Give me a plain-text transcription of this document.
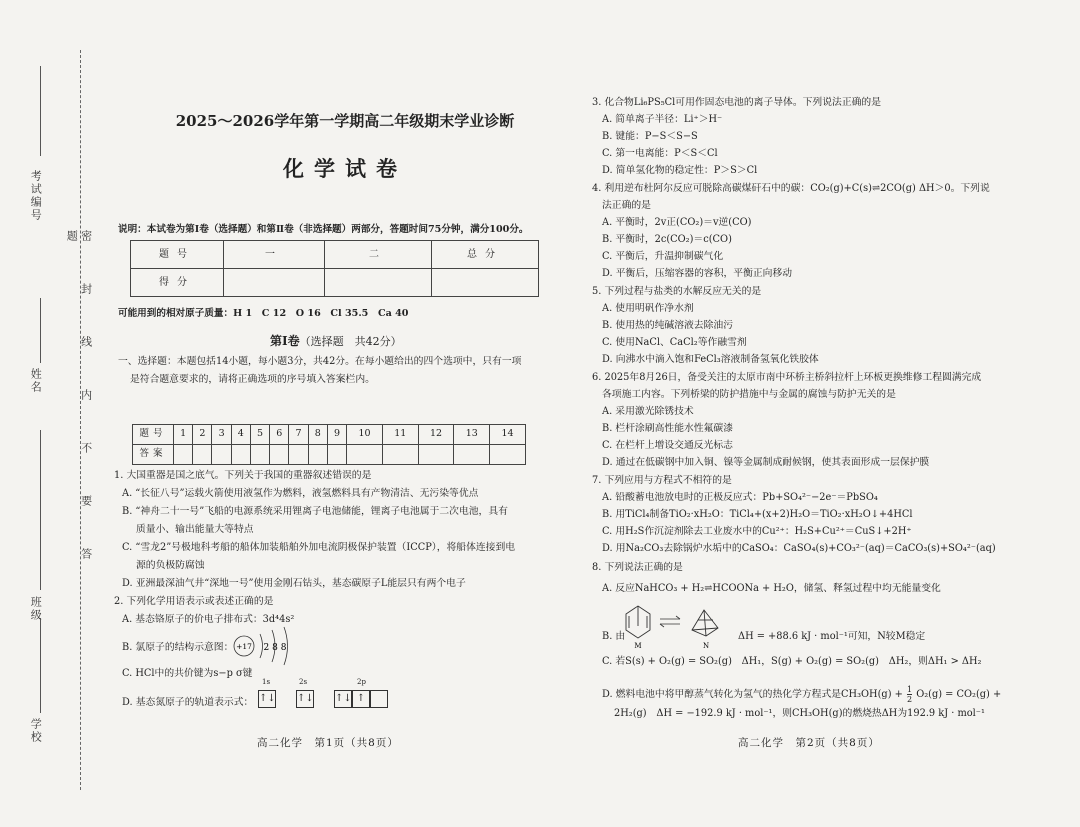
考试编号
姓名
班级
学校
密封线内不要答题
2025～2026学年第一学期高二年级期末学业诊断
化学试卷
说明：本试卷为第Ⅰ卷（选择题）和第Ⅱ卷（非选择题）两部分，答题时间75分钟，满分100分。
题号	一	二	总分
得分			
可能用到的相对原子质量：H 1　C 12　O 16　Cl 35.5　Ca 40
第Ⅰ卷（选择题　共42分）
一、选择题：本题包括14小题，每小题3分，共42分。在每小题给出的四个选项中，只有一项
是符合题意要求的，请将正确选项的序号填入答案栏内。
题号	1	2	3	4	5	6	7	8	9	10	11	12	13	14
答案														
1. 大国重器是国之底气。下列关于我国的重器叙述错误的是
A. “长征八号”运载火箭使用液氢作为燃料，液氢燃料具有产物清洁、无污染等优点
B. “神舟二十一号”飞船的电源系统采用锂离子电池储能，锂离子电池属于二次电池，具有
质量小、输出能量大等特点
C. “雪龙2”号极地科考船的船体加装船舶外加电流阴极保护装置（ICCP），将船体连接到电
源的负极防腐蚀
D. 亚洲最深油气井“深地一号”使用金刚石钻头，基态碳原子L能层只有两个电子
2. 下列化学用语表示或表述正确的是
A. 基态铬原子的价电子排布式：3d⁴4s²
B. 氯原子的结构示意图： +17 2 8 8
C. HCl中的共价键为s−p σ键
D. 基态氮原子的轨道表示式：
1s	2s	2p
↑↓ ↑↓ ↑↓ ↑
高二化学　第1页（共8页）
3. 化合物Li₆PS₅Cl可用作固态电池的离子导体。下列说法正确的是
A. 简单离子半径：Li⁺＞H⁻
B. 键能：P−S＜S−S
C. 第一电离能：P＜S＜Cl
D. 简单氢化物的稳定性：P＞S＞Cl
4. 利用逆布杜阿尔反应可脱除高碳煤矸石中的碳：CO₂(g)+C(s)⇌2CO(g) ΔH＞0。下列说
法正确的是
A. 平衡时，2v正(CO₂)＝v逆(CO)
B. 平衡时，2c(CO₂)＝c(CO)
C. 平衡后，升温抑制碳气化
D. 平衡后，压缩容器的容积，平衡正向移动
5. 下列过程与盐类的水解反应无关的是
A. 使用明矾作净水剂
B. 使用热的纯碱溶液去除油污
C. 使用NaCl、CaCl₂等作融雪剂
D. 向沸水中滴入饱和FeCl₃溶液制备氢氧化铁胶体
6. 2025年8月26日，备受关注的太原市南中环桥主桥斜拉杆上环板更换维修工程圆满完成
各项施工内容。下列桥梁的防护措施中与金属的腐蚀与防护无关的是
A. 采用激光除锈技术
B. 栏杆涂刷高性能水性氟碳漆
C. 在栏杆上增设交通反光标志
D. 通过在低碳钢中加入铜、镍等金属制成耐候钢，使其表面形成一层保护膜
7. 下列应用与方程式不相符的是
A. 铅酸蓄电池放电时的正极反应式：Pb+SO₄²⁻−2e⁻＝PbSO₄
B. 用TiCl₄制备TiO₂·xH₂O：TiCl₄+(x+2)H₂O＝TiO₂·xH₂O↓+4HCl
C. 用H₂S作沉淀剂除去工业废水中的Cu²⁺：H₂S+Cu²⁺＝CuS↓+2H⁺
D. 用Na₂CO₃去除锅炉水垢中的CaSO₄：CaSO₄(s)+CO₃²⁻(aq)＝CaCO₃(s)+SO₄²⁻(aq)
8. 下列说法正确的是
A. 反应NaHCO₃ + H₂⇌HCOONa + H₂O，储氢、释氢过程中均无能量变化
B. 由
M	N
ΔH = +88.6 kJ · mol⁻¹可知，N较M稳定
C. 若S(s) + O₂(g) = SO₂(g)　ΔH₁，S(g) + O₂(g) = SO₂(g)　ΔH₂，则ΔH₁ > ΔH₂
D. 燃料电池中将甲醇蒸气转化为氢气的热化学方程式是$CH_3OH(g) + \frac{1}{2} O_2(g) = CO_2(g)$ +
2H₂(g)　ΔH = −192.9 kJ · mol⁻¹，则CH₃OH(g)的燃烧热ΔH为192.9 kJ · mol⁻¹
高二化学　第2页（共8页）
